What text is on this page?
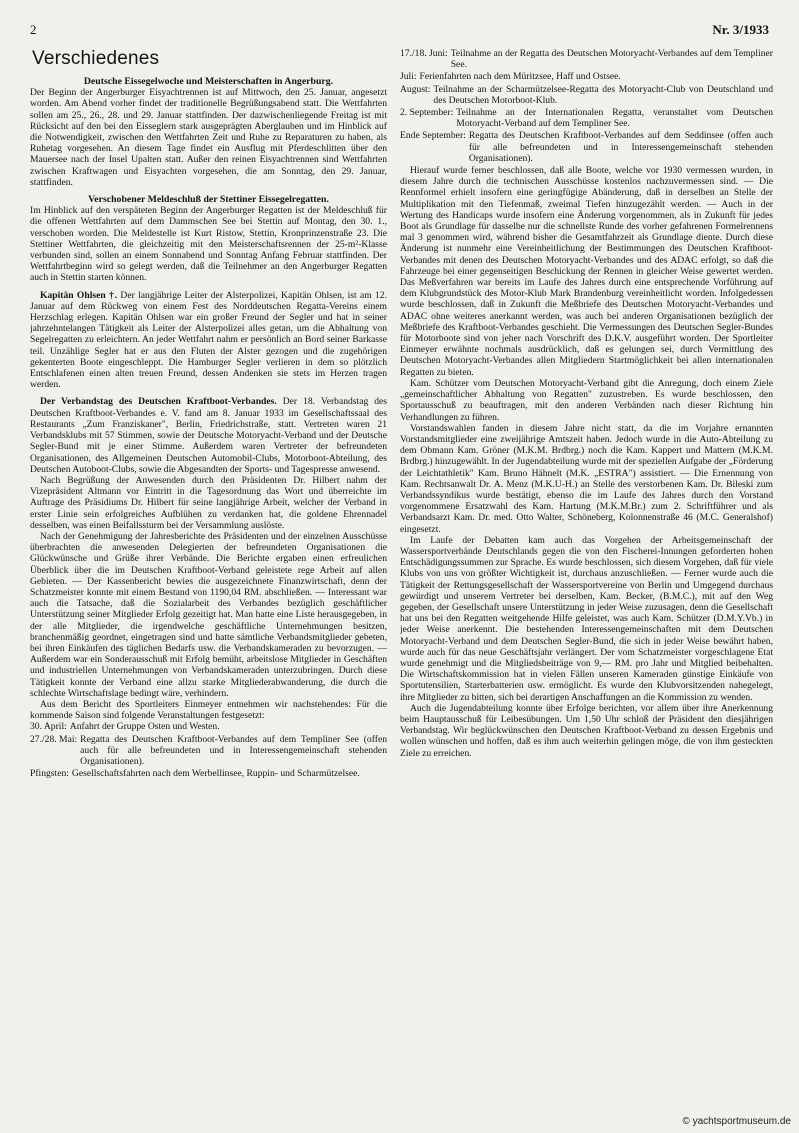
2	Nr. 3/1933
Verschiedenes
Deutsche Eissegelwoche und Meisterschaften in Angerburg.

Der Beginn der Angerburger Eisyachtrennen ist auf Mittwoch, den 25. Januar, angesetzt worden. Am Abend vorher findet der traditionelle Begrüßungsabend statt. Die Wettfahrten sollen am 25., 26., 28. und 29. Januar stattfinden. Der dazwischenliegende Freitag ist mit Rücksicht auf den bei den Eisseglern stark ausgeprägten Aberglauben und im Hinblick auf die Notwendigkeit, zwischen den Wettfahrten Zeit und Ruhe zu Reparaturen zu haben, als Ruhetag vorgesehen. An diesem Tage findet ein Ausflug mit Pferdeschlitten über den Mauersee nach der Insel Upalten statt. Außer den reinen Eisyachtrennen sind Wettfahrten zwischen Kraftwagen und Eisyachten vorgesehen, die am Sonntag, den 29. Januar, stattfinden.

Verschobener Meldeschluß der Stettiner Eissegelregatten.

Im Hinblick auf den verspäteten Beginn der Angerburger Regatten ist der Meldeschluß für die offenen Wettfahrten auf dem Dammschen See bei Stettin auf Montag, den 30. 1., verschoben worden. Die Meldestelle ist Kurt Ristow, Stettin, Kronprinzenstraße 23. Die Stettiner Wettfahrten, die gleichzeitig mit den Meisterschaftsrennen der 25-m²-Klasse verbunden sind, sollen an einem Sonnabend und Sonntag Anfang Februar stattfinden. Der Wettfahrtbeginn wird so gelegt werden, daß die Teilnehmer an den Angerburger Regatten auch in Stettin starten können.

Kapitän Ohlsen †. Der langjährige Leiter der Alsterpolizei, Kapitän Ohlsen, ist am 12. Januar auf dem Rückweg von einem Fest des Norddeutschen Regatta-Vereins einem Herzschlag erlegen. Kapitän Ohlsen war ein großer Freund der Segler und hat in seiner jahrzehntelangen Tätigkeit als Leiter der Alsterpolizei alles getan, um die Abhaltung von Segelregatten zu erleichtern. An jeder Wettfahrt nahm er persönlich an Bord seiner Barkasse teil. Unzählige Segler hat er aus den Fluten der Alster gezogen und die zugehörigen gekenterten Boote eingeschleppt. Die Hamburger Segler verlieren in dem so plötzlich Entschlafenen einen alten treuen Freund, dessen Andenken sie stets im Herzen tragen werden.

Der Verbandstag des Deutschen Kraftboot-Verbandes. Der 18. Verbandstag des Deutschen Kraftboot-Verbandes e. V. fand am 8. Januar 1933 im Gesellschaftssaal des Restaurants „Zum Franziskaner", Berlin, Friedrichstraße, statt. Vertreten waren 21 Verbandsklubs mit 57 Stimmen, sowie der Deutsche Motoryacht-Verband und der Deutsche Segler-Bund mit je einer Stimme. Außerdem waren Vertreter der befreundeten Organisationen, des Allgemeinen Deutschen Automobil-Clubs, Motorboot-Abteilung, des Deutschen Autoboot-Clubs, sowie die Abgesandten der Sports- und Tagespresse anwesend.

Nach Begrüßung der Anwesenden durch den Präsidenten Dr. Hilbert nahm der Vizepräsident Altmann vor Eintritt in die Tagesordnung das Wort und überreichte im Auftrage des Präsidiums Dr. Hilbert für seine langjährige Arbeit, welcher der Verband in erster Linie sein erfolgreiches Aufblühen zu verdanken hat, die goldene Ehrennadel desselben, was einen Beifallssturm bei der Versammlung auslöste.

Nach der Genehmigung der Jahresberichte des Präsidenten und der einzelnen Ausschüsse überbrachten die anwesenden Delegierten der befreundeten Organisationen die Glückwünsche und Grüße ihrer Verbände. Die Berichte ergaben einen erfreulichen Überblick über die im Deutschen Kraftboot-Verband geleistete rege Arbeit auf allen Gebieten. — Der Kassenbericht bewies die ausgezeichnete Finanzwirtschaft, denn der Schatzmeister konnte mit einem Bestand von 1190,04 RM. abschließen. — Interessant war auch die Tatsache, daß die Sozialarbeit des Verbandes bezüglich geschäftlicher Unterstützung seiner Mitglieder Erfolg gezeitigt hat. Man hatte eine Liste herausgegeben, in der alle Mitglieder, die irgendwelche geschäftliche Unternehmungen besitzen, branchenmäßig geordnet, eingetragen sind und hatte sämtliche Verbandsmitglieder gebeten, bei ihren Einkäufen des täglichen Bedarfs usw. die Verbandskameraden zu bevorzugen. — Außerdem war ein Sonderausschuß mit Erfolg bemüht, arbeitslose Mitglieder in Geschäften und industriellen Unternehmungen von Verbandskameraden unterzubringen. Durch diese Tätigkeit konnte der Verband eine allzu starke Mitgliederabwanderung, die durch die schlechte Wirtschaftslage bedingt wäre, verhindern.

Aus dem Bericht des Sportleiters Einmeyer entnehmen wir nachstehendes: Für die kommende Saison sind folgende Veranstaltungen festgesetzt:

30. April: Anfahrt der Gruppe Osten und Westen.
27./28. Mai: Regatta des Deutschen Kraftboot-Verbandes auf dem Templiner See (offen auch für alle befreundeten und in Interessengemeinschaft stehenden Organisationen).
Pfingsten: Gesellschaftsfahrten nach dem Werbellinsee, Ruppin- und Scharmützelsee.
17./18. Juni: Teilnahme an der Regatta des Deutschen Motoryacht-Verbandes auf dem Templiner See.
Juli: Ferienfahrten nach dem Müritzsee, Haff und Ostsee.
August: Teilnahme an der Scharmützelsee-Regatta des Motoryacht-Club von Deutschland und des Deutschen Motorboot-Klub.
2. September: Teilnahme an der Internationalen Regatta, veranstaltet vom Deutschen Motoryacht-Verband auf dem Templiner See.
Ende September: Regatta des Deutschen Kraftboot-Verbandes auf dem Seddinsee (offen auch für alle befreundeten und in Interessengemeinschaft stehenden Organisationen).

Hierauf wurde ferner beschlossen, daß alle Boote, welche vor 1930 vermessen wurden, in diesem Jahre durch die technischen Ausschüsse kostenlos nachzuvermessen sind. — Die Rennformel erhielt insofern eine geringfügige Abänderung, daß in derselben an Stelle der Multiplikation mit den Tiefenmaß, zweimal Tiefen hinzugezählt werden. — Auch in der Wertung des Handicaps wurde insofern eine Änderung vorgenommen, als in Zukunft für jedes Boot als Grundlage für dasselbe nur die schnellste Runde des vorher gefahrenen Formelrennens mal 3 genommen wird, während bisher die Gesamtfahrzeit als Grundlage diente. Durch diese Änderung ist nunmehr eine Vereinheitlichung der Bestimmungen des Deutschen Kraftboot-Verbandes mit denen des Deutschen Motoryacht-Verbandes und des ADAC erfolgt, so daß die Fahrzeuge bei einer gegenseitigen Beschickung der Rennen in gleicher Weise gewertet werden. Das Meßverfahren war bereits im Laufe des Jahres durch eine entsprechende Vorführung auf dem Klubgrundstück des Motor-Klub Mark Brandenburg vereinheitlicht worden. Infolgedessen wurde beschlossen, daß in Zukunft die Meßbriefe des Deutschen Motoryacht-Verbandes und ADAC ohne weiteres anerkannt werden, was auch bei anderen Organisationen bezüglich der Meßbriefe des Kraftboot-Verbandes geschieht. Die Vermessungen des Deutschen Segler-Bundes für Motorboote sind von jeher nach Vorschrift des D.K.V. ausgeführt worden. Der Sportleiter Einmeyer erwähnte nochmals ausdrücklich, daß es gelungen sei, durch Vermittlung des Deutschen Motoryacht-Verbandes allen Mitgliedern Startmöglichkeit bei allen internationalen Regatten zu bieten.

Kam. Schützer vom Deutschen Motoryacht-Verband gibt die Anregung, doch einem Ziele „gemeinschaftlicher Abhaltung von Regatten" zuzustreben. Es wurde beschlossen, den Sportausschuß zu beauftragen, mit den anderen Verbänden nach dieser Richtung hin Verhandlungen zu führen.

Vorstandswahlen fanden in diesem Jahre nicht statt, da die im Vorjahre ernannten Vorstandsmitglieder eine zweijährige Amtszeit haben. Jedoch wurde in die Auto-Abteilung zu dem Obmann Kam. Gröner (M.K.M. Brdbrg.) noch die Kam. Kappert und Mattern (M.K.M. Brdbrg.) hinzugewählt. In der Jugendabteilung wurde mit der speziellen Aufgabe der „Förderung der Leichtathletik" Kam. Bruno Hähnelt (M.K. „ESTRA") assistiert. — Die Ernennung von Kam. Rechtsanwalt Dr. A. Menz (M.K.U-H.) an Stelle des verstorbenen Kam. Dr. Bileski zum Verbandssyndikus wurde bestätigt, ebenso die im Laufe des Jahres durch den Vorstand vorgenommene Ersatzwahl des Kam. Hartung (M.K.M.Br.) zum 2. Schriftführer und als Verbandsarzt Kam. Dr. med. Otto Walter, Schöneberg, Kolonnenstraße 46 (M.C. Generalshof) eingesetzt.

Im Laufe der Debatten kam auch das Vorgehen der Arbeitsgemeinschaft der Wassersportverbände Deutschlands gegen die von den Fischerei-Innungen geforderten hohen Entschädigungssummen zur Sprache. Es wurde beschlossen, sich diesem Vorgehen, daß für viele Klubs von uns von größter Wichtigkeit ist, durchaus anzuschließen. — Ferner wurde auch die Tätigkeit der Rettungsgesellschaft der Wassersportvereine von Berlin und Umgegend durchaus gewürdigt und unserem Vertreter bei derselben, Kam. Becker, (B.M.C.), mit auf den Weg gegeben, der Gesellschaft unsere Unterstützung in jeder Weise zuzusagen, denn die Gesellschaft hat uns bei den Regatten weitgehende Hilfe geleistet, was auch Kam. Schützer (D.M.Y.Vb.) in jeder Weise anerkennt. Die bestehenden Interessengemeinschaften mit dem Deutschen Motoryacht-Verband und dem Deutschen Segler-Bund, die sich in jeder Weise bewährt haben, wurde auch für das neue Geschäftsjahr verlängert. Der vom Schatzmeister vorgeschlagene Etat wurde genehmigt und die Mitgliedsbeiträge von 9,— RM. pro Jahr und Mitglied beibehalten. Die Wirtschaftskommission hat in vielen Fällen unseren Kameraden günstige Einkäufe von Sportutensilien, Starterbatterien usw. ermöglicht. Es wurde den Klubvorsitzenden nahegelegt, ihre Mitglieder zu bitten, sich bei derartigen Anschaffungen an die Kommission zu wenden.

Auch die Jugendabteilung konnte über Erfolge berichten, vor allem über ihre Anerkennung beim Hauptausschuß für Leibesübungen. Um 1,50 Uhr schloß der Präsident den diesjährigen Verbandstag. Wir beglückwünschen den Deutschen Kraftboot-Verband zu dessen Ergebnis und wollen wünschen und hoffen, daß es ihm auch weiterhin gelingen möge, die von ihm gesteckten Ziele zu erreichen.

© yachtsportmuseum.de
